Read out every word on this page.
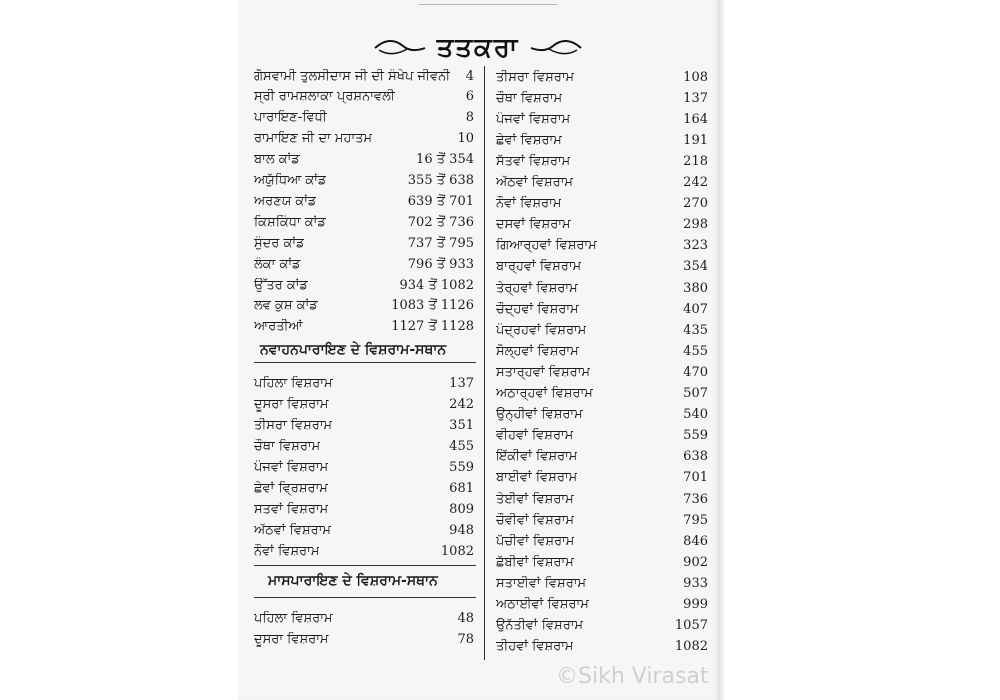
ਤਤਕਰਾ
ਗੋਸਵਾਮੀ ਤੁਲਸੀਦਾਸ ਜੀ ਦੀ ਸੰਖੇਪ ਜੀਵਨੀ 4
ਸ੍ਰੀ ਰਾਮਸ਼ਲਾਕਾ ਪ੍ਰਸ਼ਨਾਵਲੀ	6
ਪਾਰਾਇਣ-ਵਿਧੀ	8
ਰਾਮਾਇਣ ਜੀ ਦਾ ਮਹਾਤਮ	10
ਬਾਲ ਕਾਂਡ	16 ਤੋਂ 354
ਅਯੁੱਧਿਆ ਕਾਂਡ	355 ਤੋਂ 638
ਅਰਣਯ ਕਾਂਡ	639 ਤੋਂ 701
ਕਿਸ਼ਕਿੰਧਾ ਕਾਂਡ	702 ਤੋਂ 736
ਸੁੰਦਰ ਕਾਂਡ	737 ਤੋਂ 795
ਲੰਕਾ ਕਾਂਡ	796 ਤੋਂ 933
ਉੱਤਰ ਕਾਂਡ	934 ਤੋਂ 1082
ਲਵ ਕੁਸ਼ ਕਾਂਡ	1083 ਤੋਂ 1126
ਆਰਤੀਆਂ	1127 ਤੋਂ 1128
ਨਵਾਹਨਪਾਰਾਇਣ ਦੇ ਵਿਸ਼ਰਾਮ-ਸਥਾਨ
ਪਹਿਲਾ ਵਿਸ਼ਰਾਮ	137
ਦੂਸਰਾ ਵਿਸ਼ਰਾਮ	242
ਤੀਸਰਾ ਵਿਸ਼ਰਾਮ	351
ਚੌਥਾ ਵਿਸ਼ਰਾਮ	455
ਪੰਜਵਾਂ ਵਿਸ਼ਰਾਮ	559
ਛੇਵਾਂ ਵ੍ਰਿਸ਼ਰਾਮ	681
ਸਤਵਾਂ ਵਿਸ਼ਰਾਮ	809
ਅੱਠਵਾਂ ਵਿਸ਼ਰਾਮ	948
ਨੌਵਾਂ ਵਿਸ਼ਰਾਮ	1082
ਮਾਸਪਾਰਾਇਣ ਦੇ ਵਿਸ਼ਰਾਮ-ਸਥਾਨ
ਪਹਿਲਾ ਵਿਸ਼ਰਾਮ	48
ਦੂਸਰਾ ਵਿਸ਼ਰਾਮ	78
ਤੀਸਰਾ ਵਿਸ਼ਰਾਮ	108
ਚੌਥਾ ਵਿਸ਼ਰਾਮ	137
ਪੰਜਵਾਂ ਵਿਸ਼ਰਾਮ	164
ਛੇਵਾਂ ਵਿਸ਼ਰਾਮ	191
ਸੱਤਵਾਂ ਵਿਸ਼ਰਾਮ	218
ਅੱਠਵਾਂ ਵਿਸ਼ਰਾਮ	242
ਨੌਵਾਂ ਵਿਸ਼ਰਾਮ	270
ਦਸਵਾਂ ਵਿਸ਼ਰਾਮ	298
ਗਿਆਰ੍ਹਵਾਂ ਵਿਸ਼ਰਾਮ	323
ਬਾਰ੍ਹਵਾਂ ਵਿਸ਼ਰਾਮ	354
ਤੇਰ੍ਹਵਾਂ ਵਿਸ਼ਰਾਮ	380
ਚੌਦ੍ਹਵਾਂ ਵਿਸ਼ਰਾਮ	407
ਪੰਦ੍ਰਹਵਾਂ ਵਿਸ਼ਰਾਮ	435
ਸੋਲ੍ਹਵਾਂ ਵਿਸ਼ਰਾਮ	455
ਸਤਾਰ੍ਹਵਾਂ ਵਿਸ਼ਰਾਮ	470
ਅਠਾਰ੍ਹਵਾਂ ਵਿਸ਼ਰਾਮ	507
ਉਨ੍ਹੀਵਾਂ ਵਿਸ਼ਰਾਮ	540
ਵੀਹਵਾਂ ਵਿਸ਼ਰਾਮ	559
ਇੱਕੀਵਾਂ ਵਿਸ਼ਰਾਮ	638
ਬਾਈਵਾਂ ਵਿਸ਼ਰਾਮ	701
ਤੇਈਵਾਂ ਵਿਸ਼ਰਾਮ	736
ਚੌਵੀਵਾਂ ਵਿਸ਼ਰਾਮ	795
ਪੱਚੀਵਾਂ ਵਿਸ਼ਰਾਮ	846
ਛੱਬੀਵਾਂ ਵਿਸ਼ਰਾਮ	902
ਸਤਾਈਵਾਂ ਵਿਸ਼ਰਾਮ	933
ਅਠਾਈਵਾਂ ਵਿਸ਼ਰਾਮ	999
ਉਨੱਤੀਵਾਂ ਵਿਸ਼ਰਾਮ	1057
ਤੀਹਵਾਂ ਵਿਸ਼ਰਾਮ	1082
©Sikh Virasat
